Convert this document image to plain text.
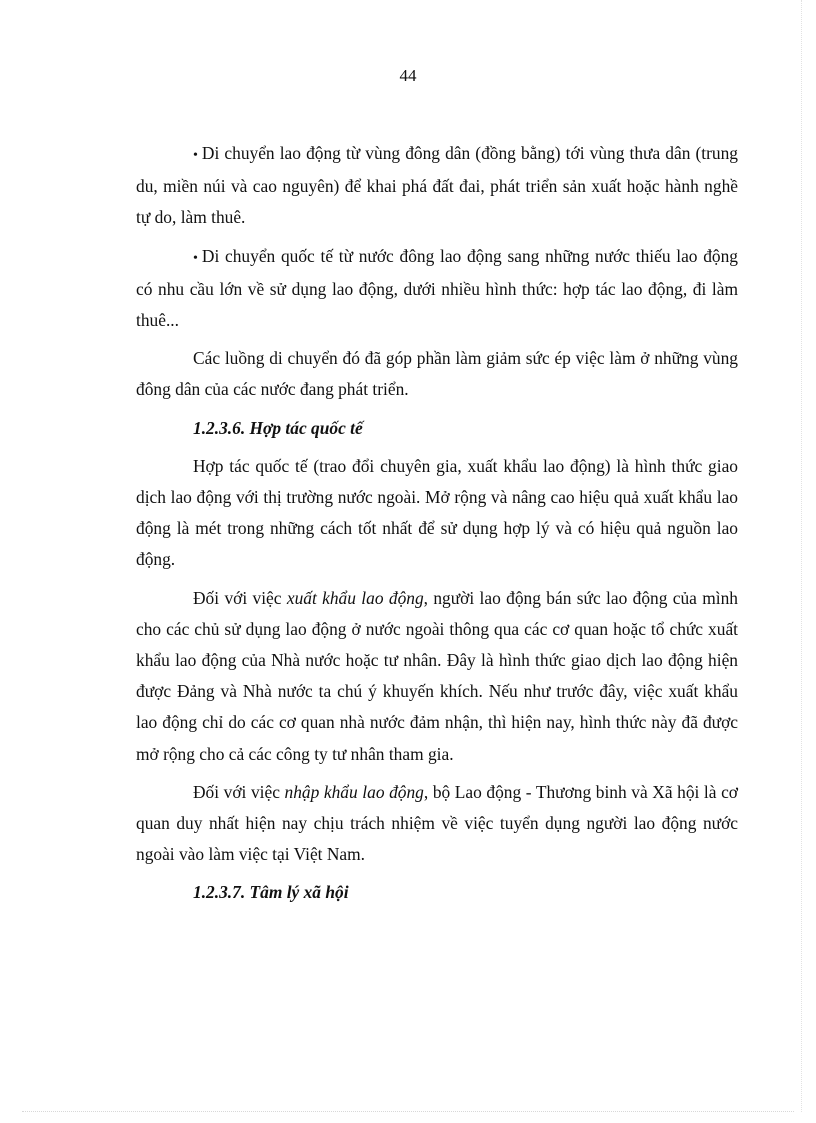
44

• Di chuyển lao động từ vùng đông dân (đồng bằng) tới vùng thưa dân (trung du, miền núi và cao nguyên) để khai phá đất đai, phát triển sản xuất hoặc hành nghề tự do, làm thuê.

• Di chuyển quốc tế từ nước đông lao động sang những nước thiếu lao động có nhu cầu lớn về sử dụng lao động, dưới nhiều hình thức: hợp tác lao động, đi làm thuê...

Các luồng di chuyển đó đã góp phần làm giảm sức ép việc làm ở những vùng đông dân của các nước đang phát triển.

1.2.3.6. Hợp tác quốc tế

Hợp tác quốc tế (trao đổi chuyên gia, xuất khẩu lao động) là hình thức giao dịch lao động với thị trường nước ngoài. Mở rộng và nâng cao hiệu quả xuất khẩu lao động là mét trong những cách tốt nhất để sử dụng hợp lý và có hiệu quả nguồn lao động.

Đối với việc xuất khẩu lao động, người lao động bán sức lao động của mình cho các chủ sử dụng lao động ở nước ngoài thông qua các cơ quan hoặc tổ chức xuất khẩu lao động của Nhà nước hoặc tư nhân. Đây là hình thức giao dịch lao động hiện được Đảng và Nhà nước ta chú ý khuyến khích. Nếu như trước đây, việc xuất khẩu lao động chỉ do các cơ quan nhà nước đảm nhận, thì hiện nay, hình thức này đã được mở rộng cho cả các công ty tư nhân tham gia.

Đối với việc nhập khẩu lao động, bộ Lao động - Thương binh và Xã hội là cơ quan duy nhất hiện nay chịu trách nhiệm về việc tuyển dụng người lao động nước ngoài vào làm việc tại Việt Nam.

1.2.3.7. Tâm lý xã hội
